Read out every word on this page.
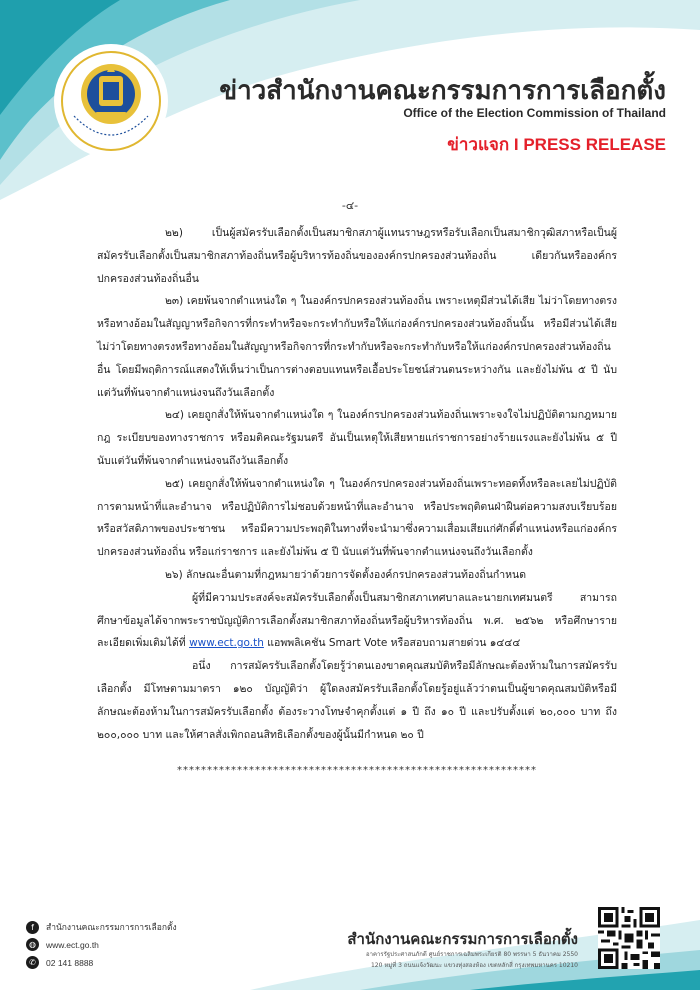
ข่าวสำนักงานคณะกรรมการการเลือกตั้ง
Office of the Election Commission of Thailand
ข่าวแจก I PRESS RELEASE
-๔-

๒๒) เป็นผู้สมัครรับเลือกตั้งเป็นสมาชิกสภาผู้แทนราษฎรหรือรับเลือกเป็นสมาชิกวุฒิสภาหรือเป็นผู้สมัครรับเลือกตั้งเป็นสมาชิกสภาท้องถิ่นหรือผู้บริหารท้องถิ่นขององค์กรปกครองส่วนท้องถิ่น เดียวกันหรือองค์กรปกครองส่วนท้องถิ่นอื่น

๒๓) เคยพ้นจากตำแหน่งใด ๆ ในองค์กรปกครองส่วนท้องถิ่น เพราะเหตุมีส่วนได้เสีย ไม่ว่าโดยทางตรงหรือทางอ้อมในสัญญาหรือกิจการที่กระทำหรือจะกระทำกับหรือให้แก่องค์กรปกครองส่วนท้องถิ่นนั้น หรือมีส่วนได้เสียไม่ว่าโดยทางตรงหรือทางอ้อมในสัญญาหรือกิจการที่กระทำกับหรือจะกระทำกับหรือให้แก่องค์กรปกครองส่วนท้องถิ่นอื่น โดยมีพฤติการณ์แสดงให้เห็นว่าเป็นการต่างตอบแทนหรือเอื้อประโยชน์ส่วนตนระหว่างกัน และยังไม่พ้น ๕ ปี นับแต่วันที่พ้นจากตำแหน่งจนถึงวันเลือกตั้ง

๒๔) เคยถูกสั่งให้พ้นจากตำแหน่งใด ๆ ในองค์กรปกครองส่วนท้องถิ่นเพราะจงใจไม่ปฏิบัติตามกฎหมาย กฎ ระเบียบของทางราชการ หรือมติคณะรัฐมนตรี อันเป็นเหตุให้เสียหายแก่ราชการอย่างร้ายแรงและยังไม่พ้น ๕ ปี นับแต่วันที่พ้นจากตำแหน่งจนถึงวันเลือกตั้ง

๒๕) เคยถูกสั่งให้พ้นจากตำแหน่งใด ๆ ในองค์กรปกครองส่วนท้องถิ่นเพราะทอดทิ้งหรือละเลยไม่ปฏิบัติการตามหน้าที่และอำนาจ หรือปฏิบัติการไม่ชอบด้วยหน้าที่และอำนาจ หรือประพฤติตนฝ่าฝืนต่อความสงบเรียบร้อยหรือสวัสดิภาพของประชาชน หรือมีความประพฤติในทางที่จะนำมาซึ่งความเสื่อมเสียแก่ศักดิ์ตำแหน่งหรือแก่องค์กรปกครองส่วนท้องถิ่น หรือแก่ราชการ และยังไม่พ้น ๕ ปี นับแต่วันที่พ้นจากตำแหน่งจนถึงวันเลือกตั้ง

๒๖) ลักษณะอื่นตามที่กฎหมายว่าด้วยการจัดตั้งองค์กรปกครองส่วนท้องถิ่นกำหนด

ผู้ที่มีความประสงค์จะสมัครรับเลือกตั้งเป็นสมาชิกสภาเทศบาลและนายกเทศมนตรี สามารถศึกษาข้อมูลได้จากพระราชบัญญัติการเลือกตั้งสมาชิกสภาท้องถิ่นหรือผู้บริหารท้องถิ่น พ.ศ. ๒๕๖๒ หรือศึกษารายละเอียดเพิ่มเติมได้ที่ www.ect.go.th แอพพลิเคชัน Smart Vote หรือสอบถามสายด่วน ๑๔๔๔

อนึ่ง การสมัครรับเลือกตั้งโดยรู้ว่าตนเองขาดคุณสมบัติหรือมีลักษณะต้องห้ามในการสมัครรับเลือกตั้ง มีโทษตามมาตรา ๑๒๐ บัญญัติว่า ผู้ใดลงสมัครรับเลือกตั้งโดยรู้อยู่แล้วว่าตนเป็นผู้ขาดคุณสมบัติหรือมีลักษณะต้องห้ามในการสมัครรับเลือกตั้ง ต้องระวางโทษจำคุกตั้งแต่ ๑ ปี ถึง ๑๐ ปี และปรับตั้งแต่ ๒๐,๐๐๐ บาท ถึง ๒๐๐,๐๐๐ บาท และให้ศาลสั่งเพิกถอนสิทธิเลือกตั้งของผู้นั้นมีกำหนด ๒๐ ปี

************************************************************
f	สำนักงานคณะกรรมการการเลือกตั้ง
◍	www.ect.go.th
✆	02 141 8888
สำนักงานคณะกรรมการการเลือกตั้ง
อาคารรัฐประศาสนภักดี ศูนย์ราชการเฉลิมพระเกียรติ 80 พรรษา 5 ธันวาคม 2550
120 หมู่ที่ 3 ถนนแจ้งวัฒนะ แขวงทุ่งสองห้อง เขตหลักสี่ กรุงเทพมหานคร 10210
